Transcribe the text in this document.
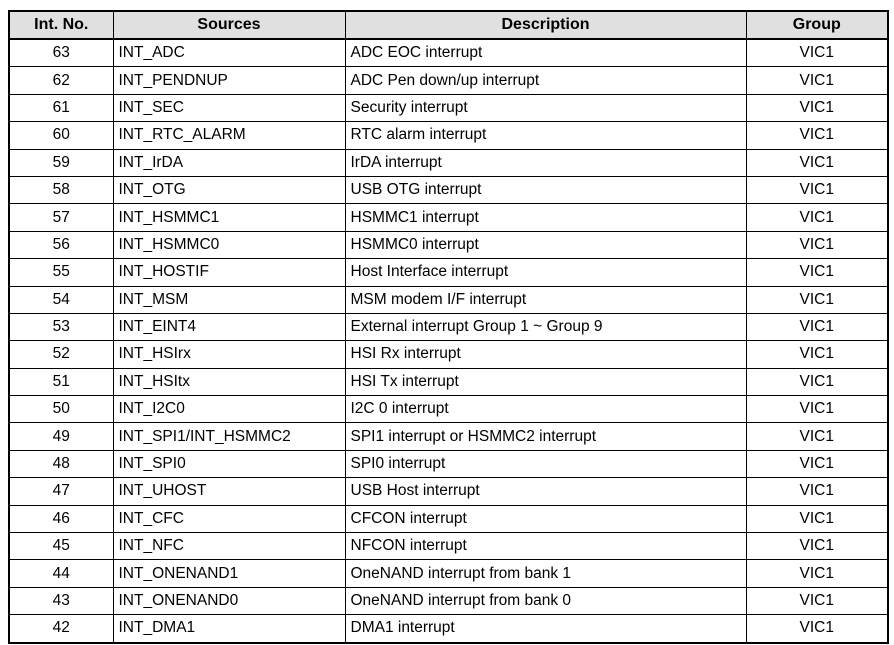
Int. No.	Sources	Description	Group
63	INT_ADC	ADC EOC interrupt	VIC1
62	INT_PENDNUP	ADC Pen down/up interrupt	VIC1
61	INT_SEC	Security interrupt	VIC1
60	INT_RTC_ALARM	RTC alarm interrupt	VIC1
59	INT_IrDA	IrDA interrupt	VIC1
58	INT_OTG	USB OTG interrupt	VIC1
57	INT_HSMMC1	HSMMC1 interrupt	VIC1
56	INT_HSMMC0	HSMMC0 interrupt	VIC1
55	INT_HOSTIF	Host Interface interrupt	VIC1
54	INT_MSM	MSM modem I/F interrupt	VIC1
53	INT_EINT4	External interrupt Group 1 ~ Group 9	VIC1
52	INT_HSIrx	HSI Rx interrupt	VIC1
51	INT_HSItx	HSI Tx interrupt	VIC1
50	INT_I2C0	I2C 0 interrupt	VIC1
49	INT_SPI1/INT_HSMMC2	SPI1 interrupt or HSMMC2 interrupt	VIC1
48	INT_SPI0	SPI0 interrupt	VIC1
47	INT_UHOST	USB Host interrupt	VIC1
46	INT_CFC	CFCON interrupt	VIC1
45	INT_NFC	NFCON interrupt	VIC1
44	INT_ONENAND1	OneNAND interrupt from bank 1	VIC1
43	INT_ONENAND0	OneNAND interrupt from bank 0	VIC1
42	INT_DMA1	DMA1 interrupt	VIC1
